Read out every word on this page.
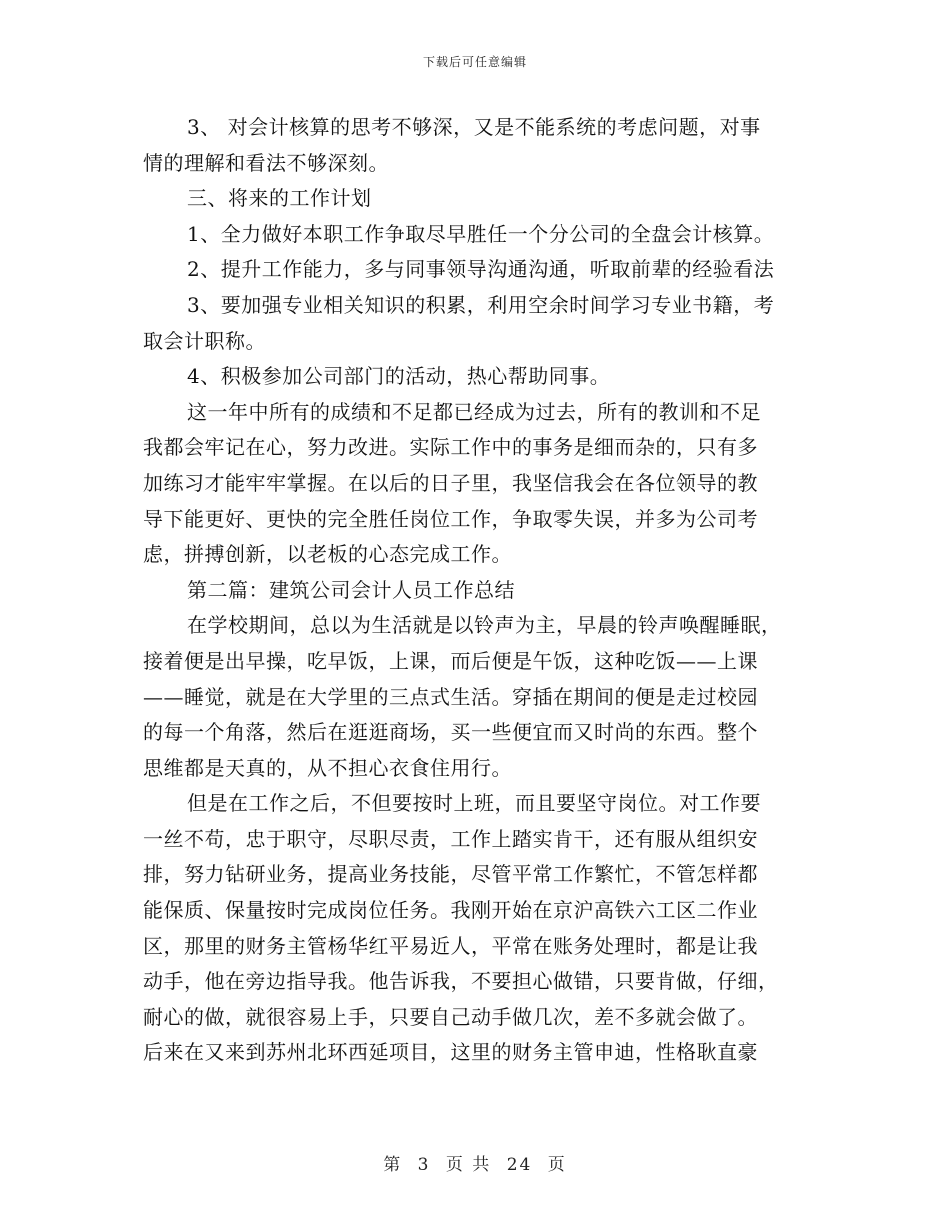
下载后可任意编辑
3、 对会计核算的思考不够深，又是不能系统的考虑问题，对事
情的理解和看法不够深刻。
三、将来的工作计划
1、全力做好本职工作争取尽早胜任一个分公司的全盘会计核算。
2、提升工作能力，多与同事领导沟通沟通，听取前辈的经验看法
3、要加强专业相关知识的积累，利用空余时间学习专业书籍，考
取会计职称。
4、积极参加公司部门的活动，热心帮助同事。
这一年中所有的成绩和不足都已经成为过去，所有的教训和不足
我都会牢记在心，努力改进。实际工作中的事务是细而杂的，只有多
加练习才能牢牢掌握。在以后的日子里，我坚信我会在各位领导的教
导下能更好、更快的完全胜任岗位工作，争取零失误，并多为公司考
虑，拼搏创新，以老板的心态完成工作。
第二篇：建筑公司会计人员工作总结
在学校期间，总以为生活就是以铃声为主，早晨的铃声唤醒睡眠，
接着便是出早操，吃早饭，上课，而后便是午饭，这种吃饭——上课
——睡觉，就是在大学里的三点式生活。穿插在期间的便是走过校园
的每一个角落，然后在逛逛商场，买一些便宜而又时尚的东西。整个
思维都是天真的，从不担心衣食住用行。
但是在工作之后，不但要按时上班，而且要坚守岗位。对工作要
一丝不苟，忠于职守，尽职尽责，工作上踏实肯干，还有服从组织安
排，努力钻研业务，提高业务技能，尽管平常工作繁忙，不管怎样都
能保质、保量按时完成岗位任务。我刚开始在京沪高铁六工区二作业
区，那里的财务主管杨华红平易近人，平常在账务处理时，都是让我
动手，他在旁边指导我。他告诉我，不要担心做错，只要肯做，仔细，
耐心的做，就很容易上手，只要自己动手做几次，差不多就会做了。
后来在又来到苏州北环西延项目，这里的财务主管申迪，性格耿直豪
第 3 页 共 24 页
